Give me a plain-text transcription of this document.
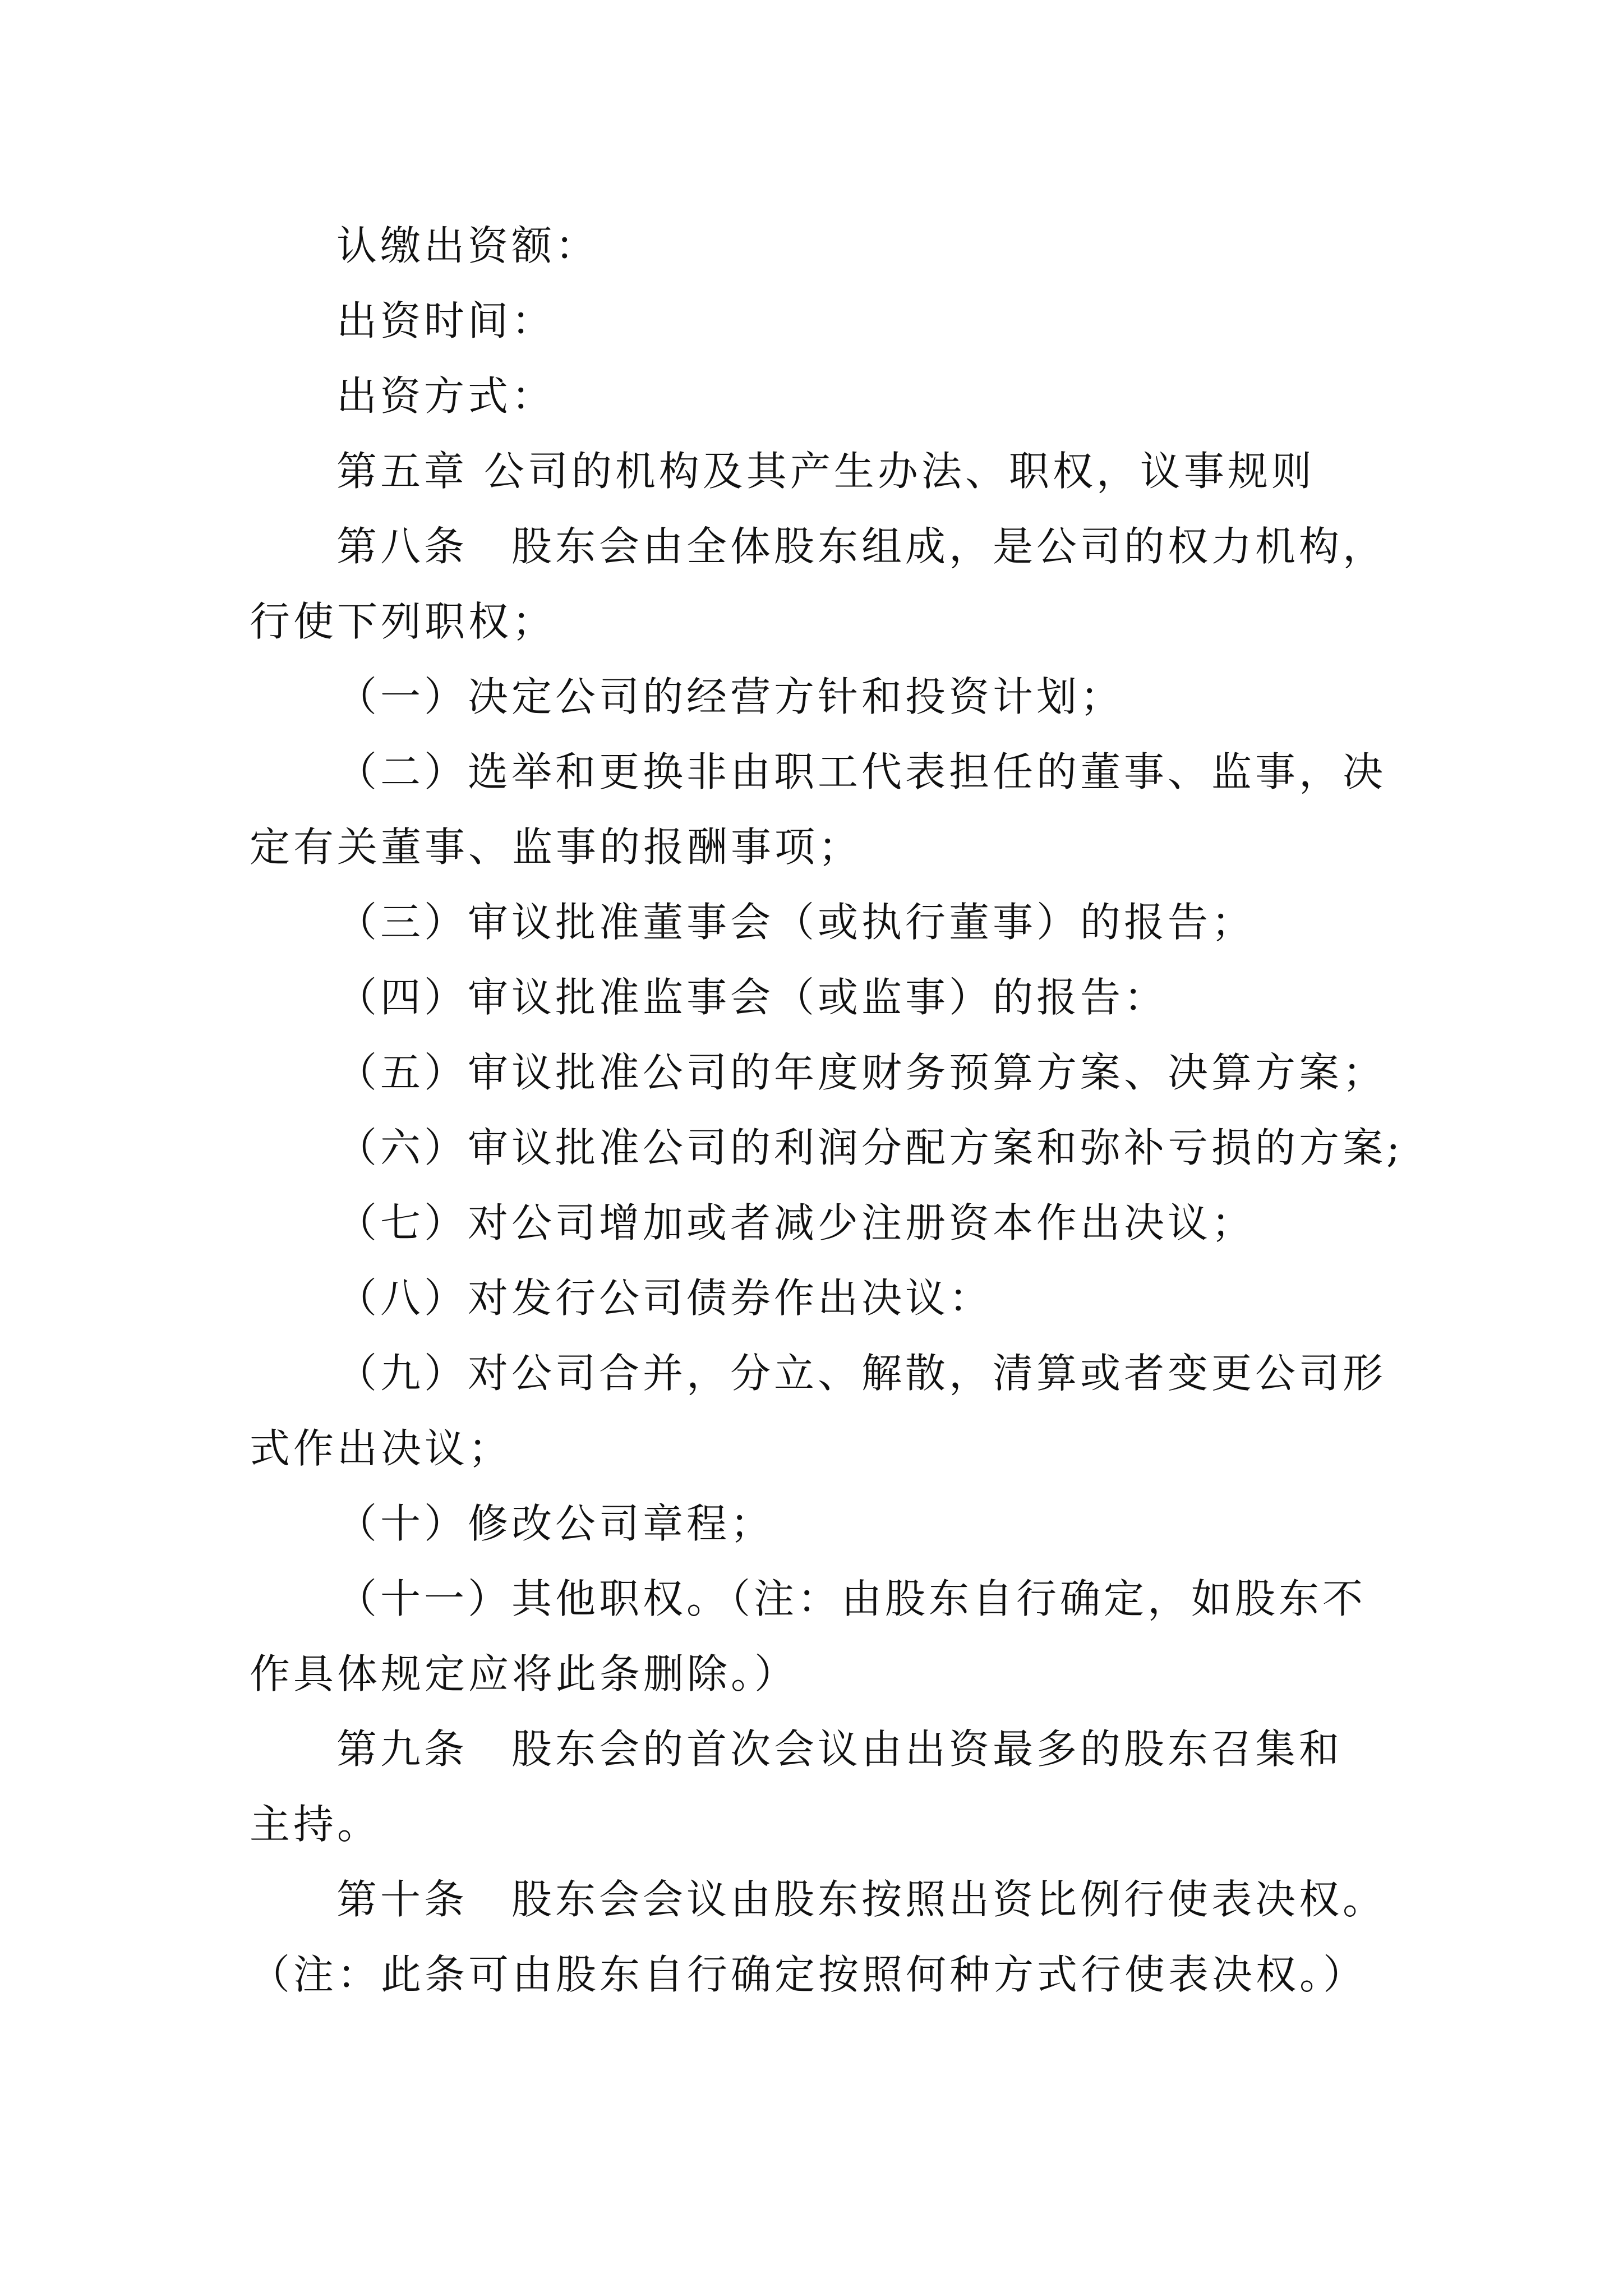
认缴出资额：
出资时间：
出资方式：
第五章 公司的机构及其产生办法、职权，议事规则
第八条　股东会由全体股东组成，是公司的权力机构，
行使下列职权；
（一）决定公司的经营方针和投资计划；
（二）选举和更换非由职工代表担任的董事、监事，决
定有关董事、监事的报酬事项；
（三）审议批准董事会（或执行董事）的报告；
（四）审议批准监事会（或监事）的报告：
（五）审议批准公司的年度财务预算方案、决算方案；
（六）审议批准公司的利润分配方案和弥补亏损的方案;
（七）对公司增加或者减少注册资本作出决议；
（八）对发行公司债券作出决议：
（九）对公司合并，分立、解散，清算或者变更公司形
式作出决议；
（十）修改公司章程；
（十一）其他职权。（注：由股东自行确定，如股东不
作具体规定应将此条删除。）
第九条　股东会的首次会议由出资最多的股东召集和
主持。
第十条　股东会会议由股东按照出资比例行使表决权。
（注：此条可由股东自行确定按照何种方式行使表决权。）
